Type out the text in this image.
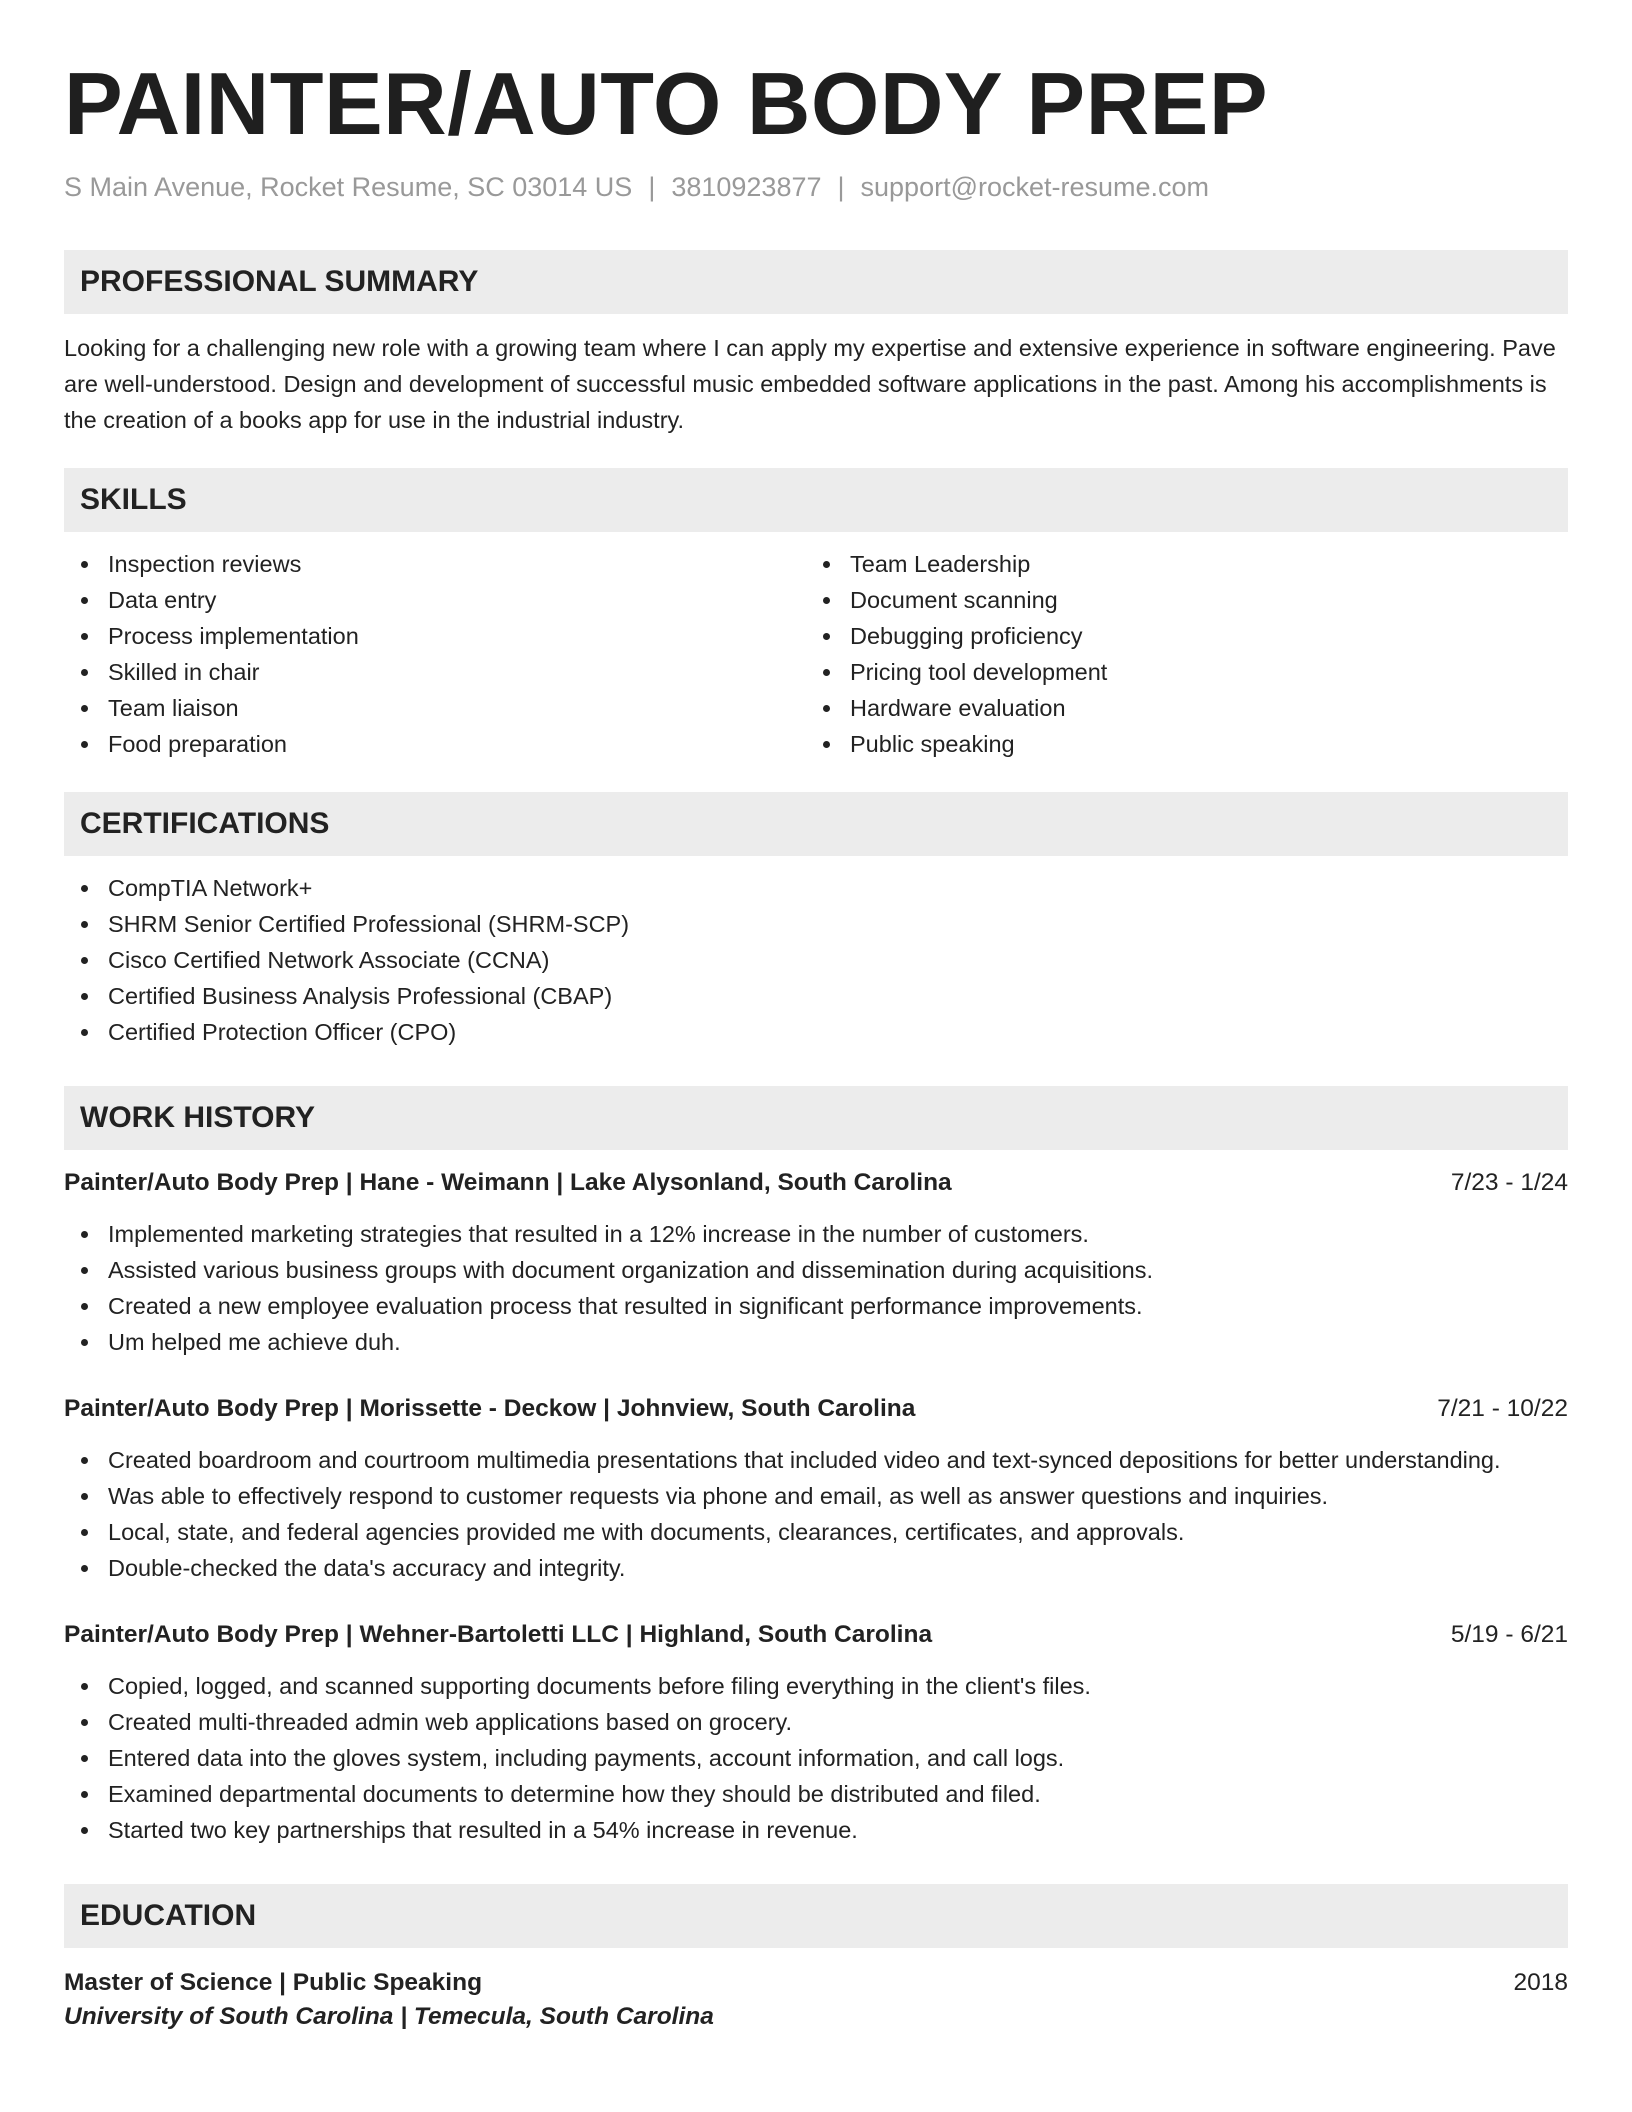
PAINTER/AUTO BODY PREP
S Main Avenue, Rocket Resume, SC 03014 US | 3810923877 | support@rocket-resume.com
PROFESSIONAL SUMMARY
Looking for a challenging new role with a growing team where I can apply my expertise and extensive experience in software engineering. Pave are well-understood. Design and development of successful music embedded software applications in the past. Among his accomplishments is the creation of a books app for use in the industrial industry.
SKILLS
Inspection reviews
Data entry
Process implementation
Skilled in chair
Team liaison
Food preparation
Team Leadership
Document scanning
Debugging proficiency
Pricing tool development
Hardware evaluation
Public speaking
CERTIFICATIONS
CompTIA Network+
SHRM Senior Certified Professional (SHRM-SCP)
Cisco Certified Network Associate (CCNA)
Certified Business Analysis Professional (CBAP)
Certified Protection Officer (CPO)
WORK HISTORY
Painter/Auto Body Prep | Hane - Weimann | Lake Alysonland, South Carolina	7/23 - 1/24
Implemented marketing strategies that resulted in a 12% increase in the number of customers.
Assisted various business groups with document organization and dissemination during acquisitions.
Created a new employee evaluation process that resulted in significant performance improvements.
Um helped me achieve duh.
Painter/Auto Body Prep | Morissette - Deckow | Johnview, South Carolina	7/21 - 10/22
Created boardroom and courtroom multimedia presentations that included video and text-synced depositions for better understanding.
Was able to effectively respond to customer requests via phone and email, as well as answer questions and inquiries.
Local, state, and federal agencies provided me with documents, clearances, certificates, and approvals.
Double-checked the data's accuracy and integrity.
Painter/Auto Body Prep | Wehner-Bartoletti LLC | Highland, South Carolina	5/19 - 6/21
Copied, logged, and scanned supporting documents before filing everything in the client's files.
Created multi-threaded admin web applications based on grocery.
Entered data into the gloves system, including payments, account information, and call logs.
Examined departmental documents to determine how they should be distributed and filed.
Started two key partnerships that resulted in a 54% increase in revenue.
EDUCATION
Master of Science | Public Speaking	2018
University of South Carolina | Temecula, South Carolina
